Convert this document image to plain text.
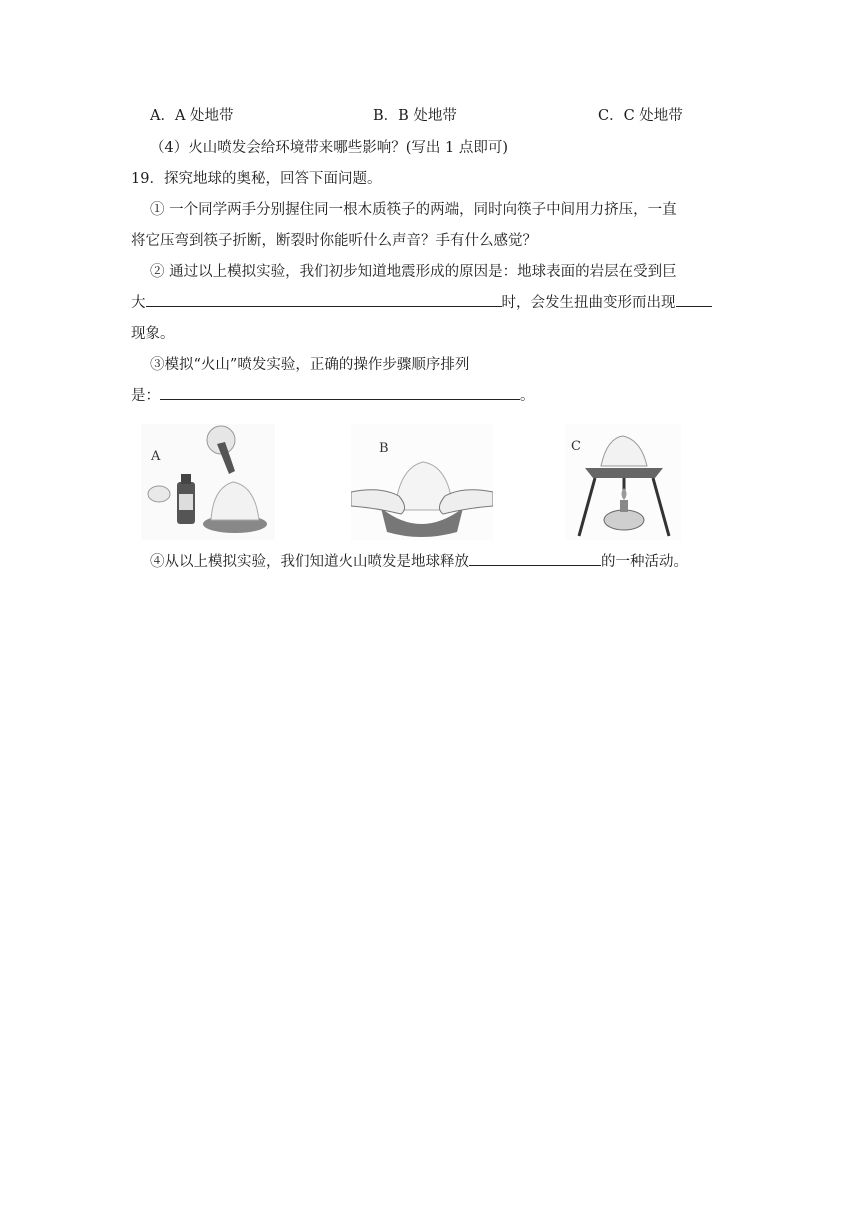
A．A 处地带	B．B 处地带	C．C 处地带
（4）火山喷发会给环境带来哪些影响？(写出 1 点即可)
19．探究地球的奥秘，回答下面问题。
① 一个同学两手分别握住同一根木质筷子的两端，同时向筷子中间用力挤压，一直
将它压弯到筷子折断，断裂时你能听什么声音？手有什么感觉？
② 通过以上模拟实验，我们初步知道地震形成的原因是：地球表面的岩层在受到巨
大	时，会发生扭曲变形而出现
现象。
③模拟“火山”喷发实验，正确的操作步骤顺序排列
是：	。
A
B	C
④从以上模拟实验，我们知道火山喷发是地球释放	的一种活动。
